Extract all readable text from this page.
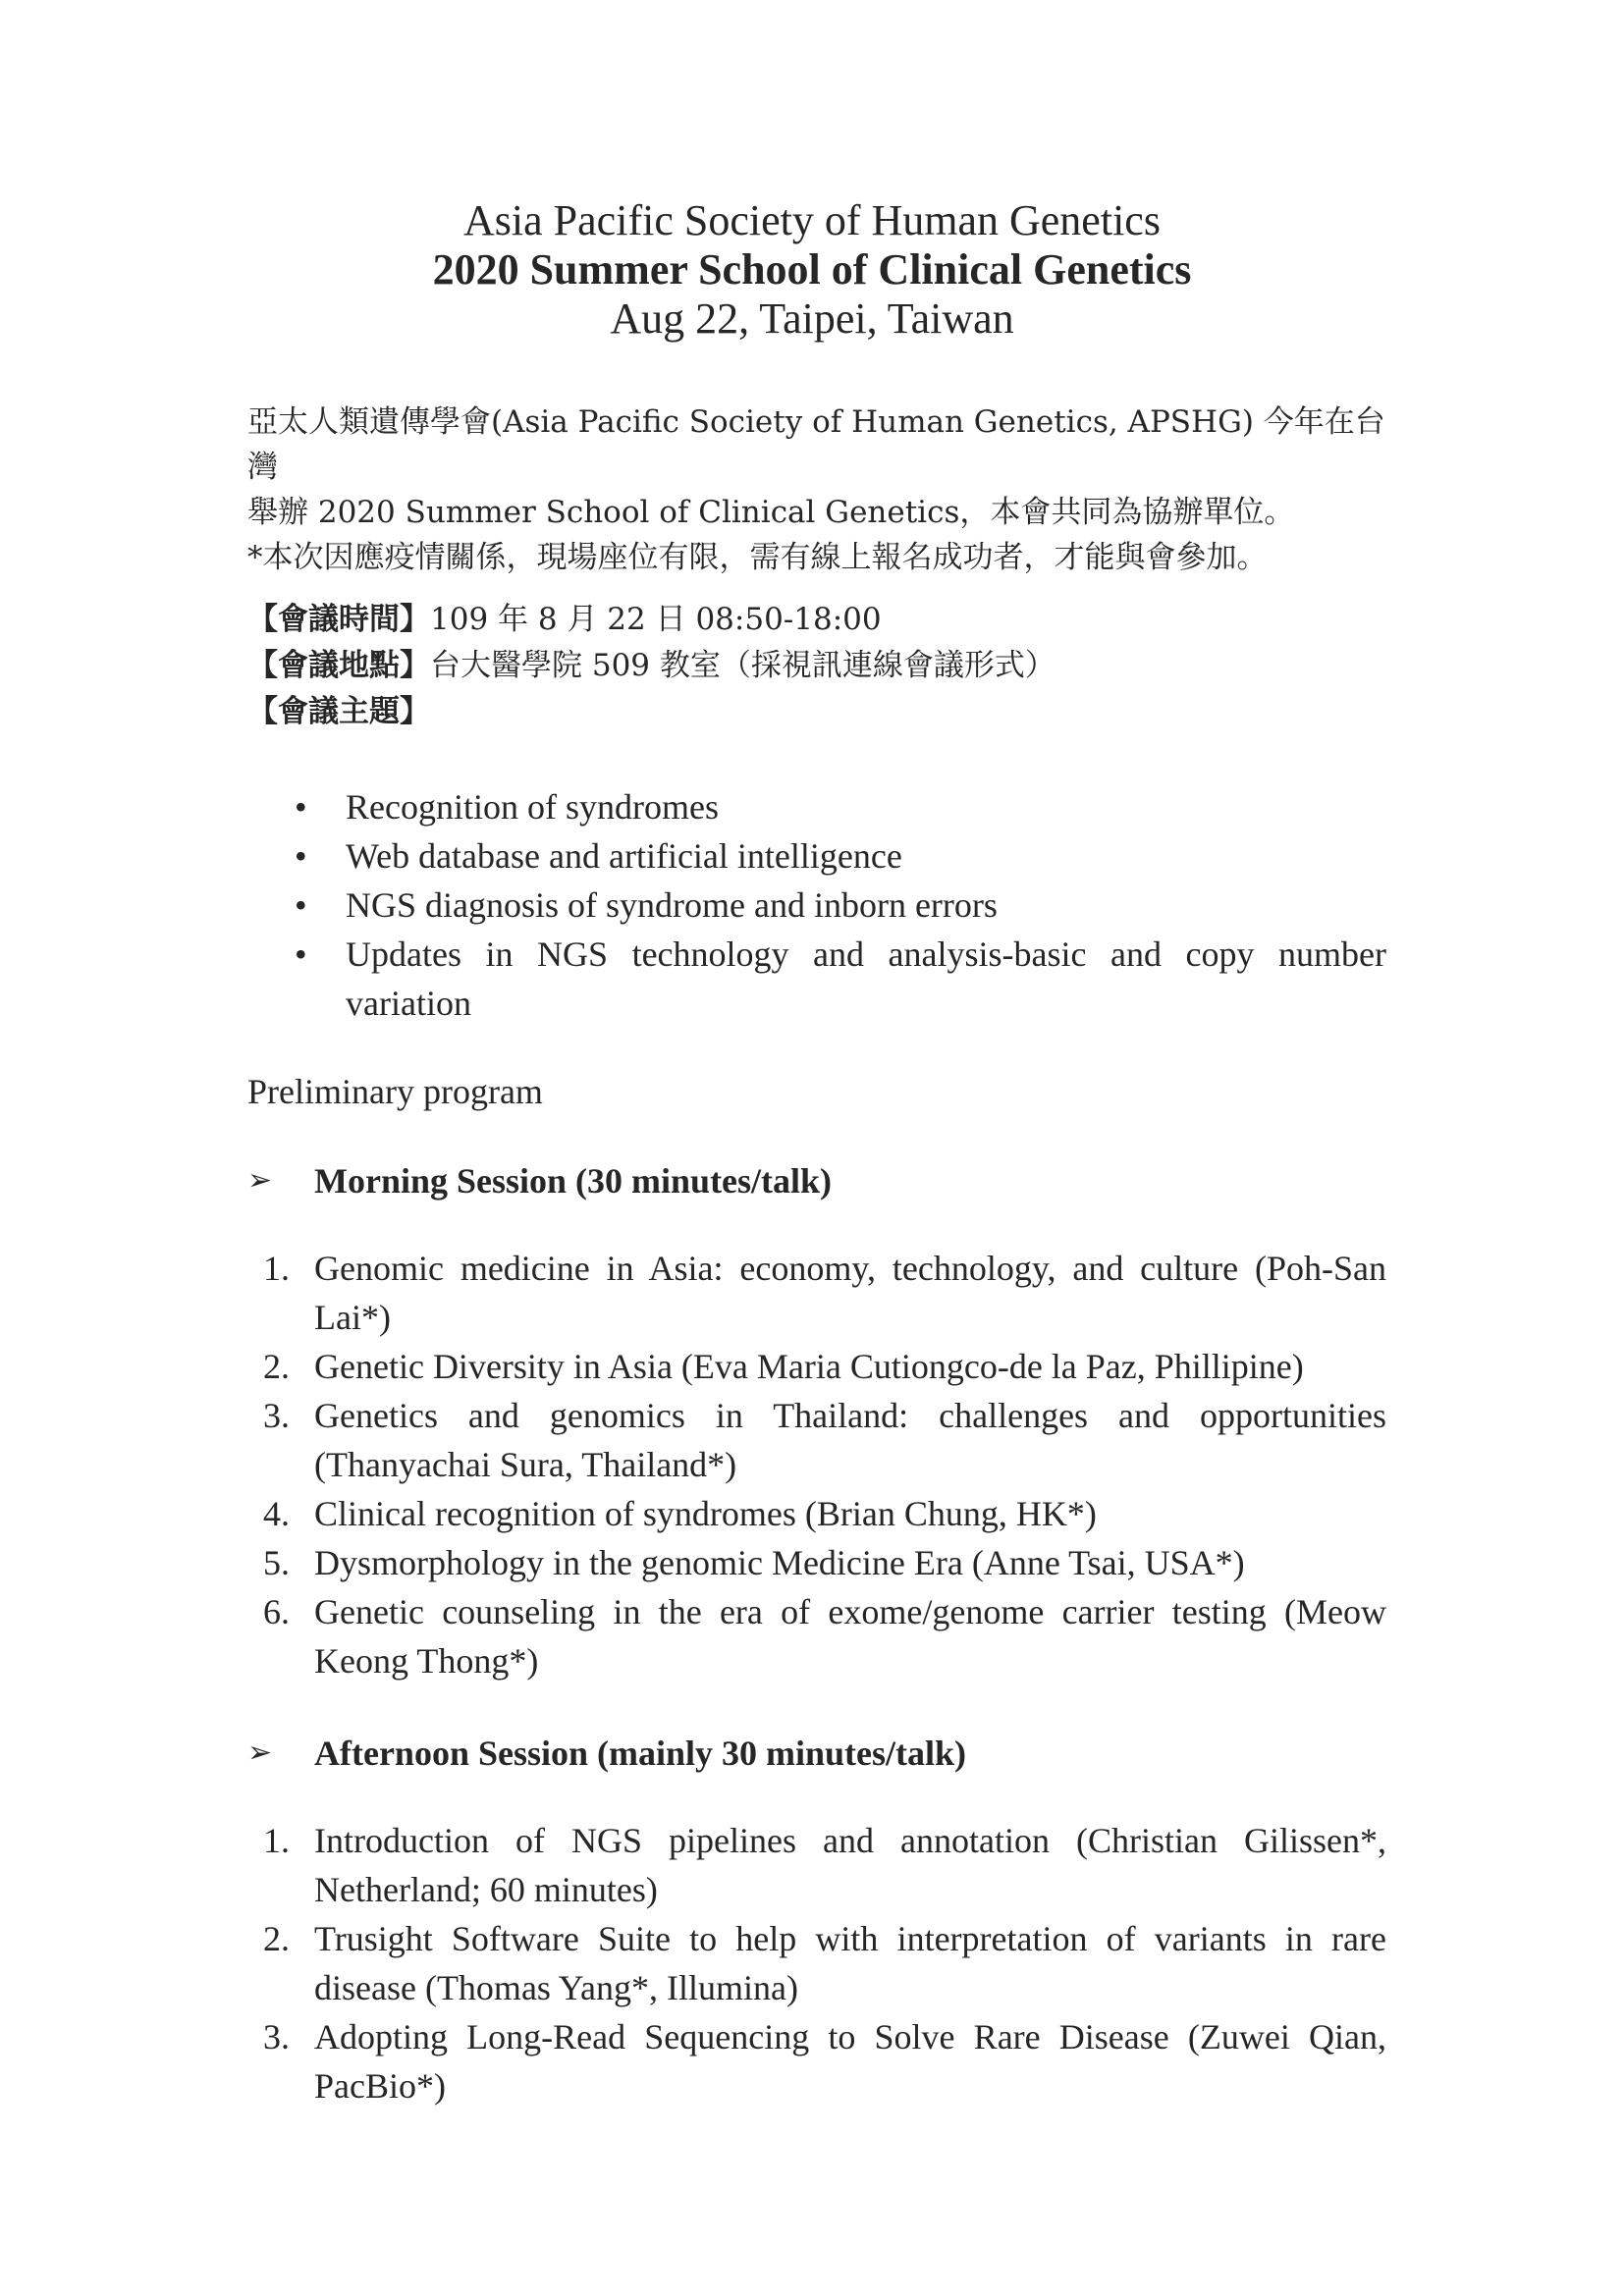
Asia Pacific Society of Human Genetics

2020 Summer School of Clinical Genetics

Aug 22, Taipei, Taiwan

亞太人類遺傳學會(Asia Pacific Society of Human Genetics, APSHG) 今年在台灣

舉辦 2020 Summer School of Clinical Genetics，本會共同為協辦單位。

*本次因應疫情關係，現場座位有限，需有線上報名成功者，才能與會參加。

【會議時間】109 年 8 月 22 日 08:50-18:00

【會議地點】台大醫學院 509 教室（採視訊連線會議形式）

【會議主題】

• Recognition of syndromes
• Web database and artificial intelligence
• NGS diagnosis of syndrome and inborn errors
• Updates in NGS technology and analysis-basic and copy number variation

Preliminary program

➢ Morning Session (30 minutes/talk)
1. Genomic medicine in Asia: economy, technology, and culture (Poh-San Lai*)
2. Genetic Diversity in Asia (Eva Maria Cutiongco-de la Paz, Phillipine)
3. Genetics and genomics in Thailand: challenges and opportunities (Thanyachai Sura, Thailand*)
4. Clinical recognition of syndromes (Brian Chung, HK*)
5. Dysmorphology in the genomic Medicine Era (Anne Tsai, USA*)
6. Genetic counseling in the era of exome/genome carrier testing (Meow Keong Thong*)
➢ Afternoon Session (mainly 30 minutes/talk)
1. Introduction of NGS pipelines and annotation (Christian Gilissen*, Netherland; 60 minutes)
2. Trusight Software Suite to help with interpretation of variants in rare disease (Thomas Yang*, Illumina)
3. Adopting Long-Read Sequencing to Solve Rare Disease (Zuwei Qian, PacBio*)
